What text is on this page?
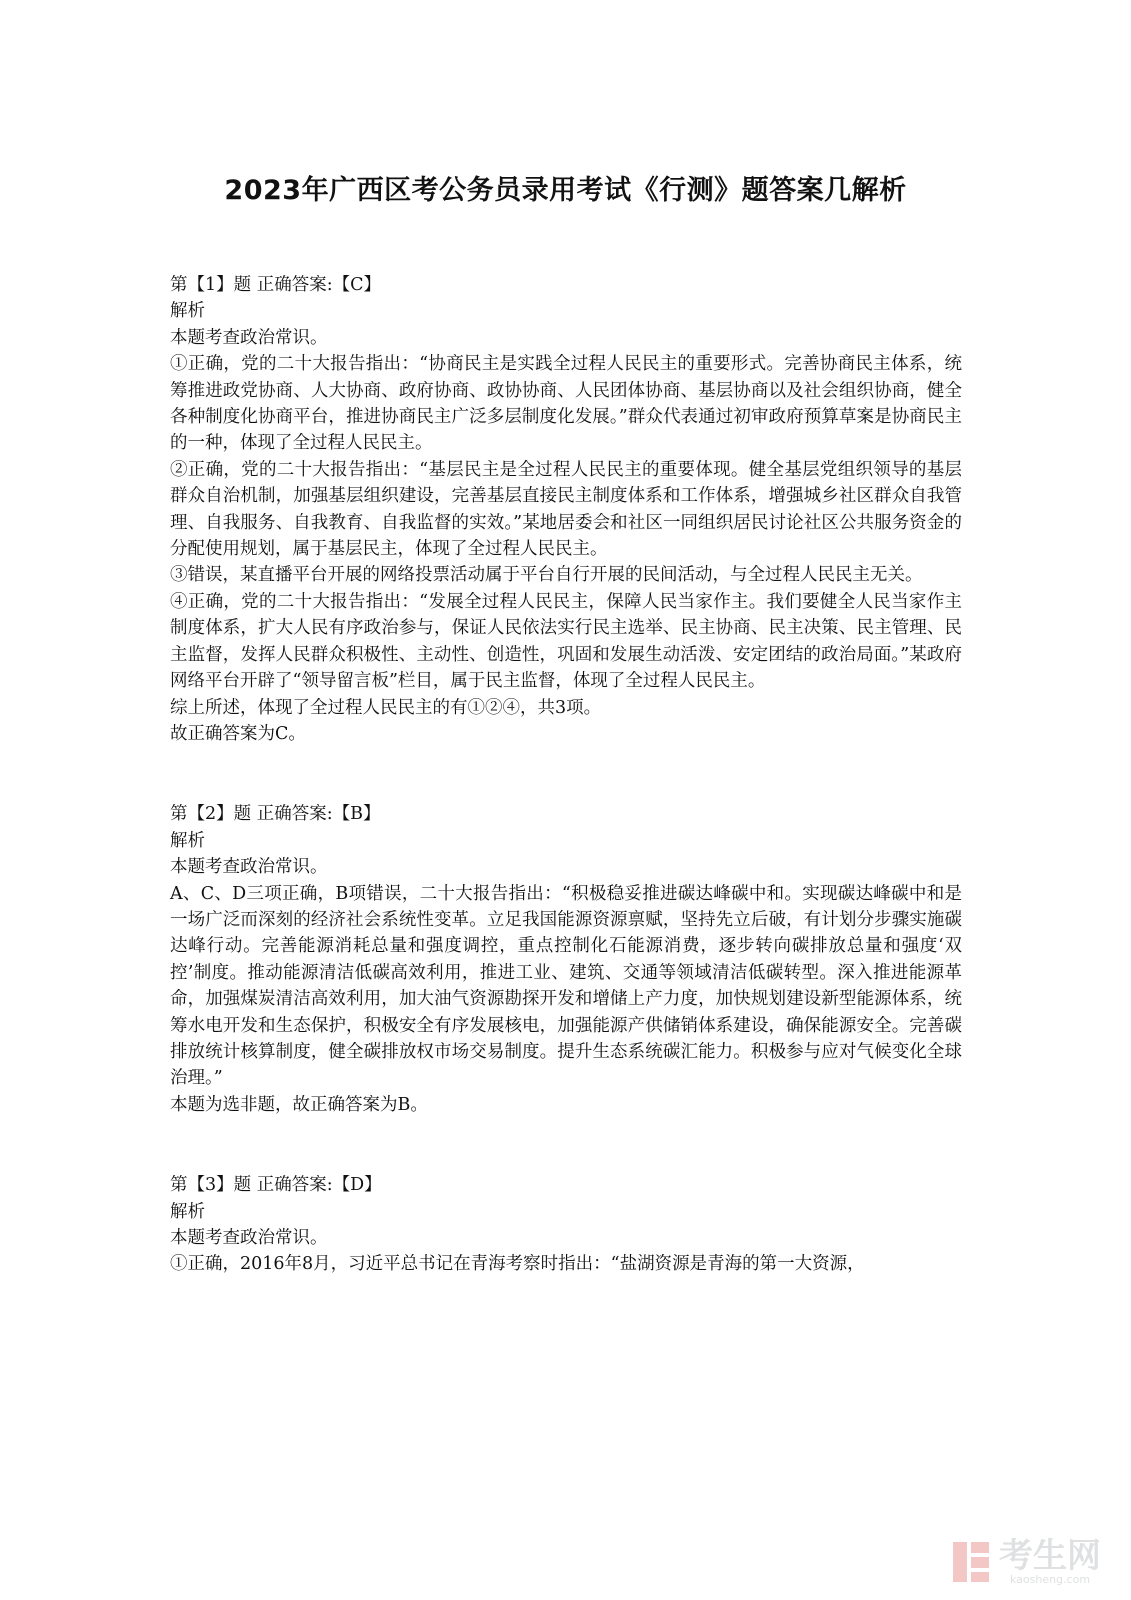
2023年广西区考公务员录用考试《行测》题答案几解析

第【1】题 正确答案:【C】

解析

本题考查政治常识。

①正确，党的二十大报告指出：“协商民主是实践全过程人民民主的重要形式。完善协商民主体系，统筹推进政党协商、人大协商、政府协商、政协协商、人民团体协商、基层协商以及社会组织协商，健全各种制度化协商平台，推进协商民主广泛多层制度化发展。”群众代表通过初审政府预算草案是协商民主的一种，体现了全过程人民民主。

②正确，党的二十大报告指出：“基层民主是全过程人民民主的重要体现。健全基层党组织领导的基层群众自治机制，加强基层组织建设，完善基层直接民主制度体系和工作体系，增强城乡社区群众自我管理、自我服务、自我教育、自我监督的实效。”某地居委会和社区一同组织居民讨论社区公共服务资金的分配使用规划，属于基层民主，体现了全过程人民民主。

③错误，某直播平台开展的网络投票活动属于平台自行开展的民间活动，与全过程人民民主无关。

④正确，党的二十大报告指出：“发展全过程人民民主，保障人民当家作主。我们要健全人民当家作主制度体系，扩大人民有序政治参与，保证人民依法实行民主选举、民主协商、民主决策、民主管理、民主监督，发挥人民群众积极性、主动性、创造性，巩固和发展生动活泼、安定团结的政治局面。”某政府网络平台开辟了“领导留言板”栏目，属于民主监督，体现了全过程人民民主。

综上所述，体现了全过程人民民主的有①②④，共3项。

故正确答案为C。

第【2】题 正确答案:【B】

解析

本题考查政治常识。

A、C、D三项正确，B项错误，二十大报告指出：“积极稳妥推进碳达峰碳中和。实现碳达峰碳中和是一场广泛而深刻的经济社会系统性变革。立足我国能源资源禀赋，坚持先立后破，有计划分步骤实施碳达峰行动。完善能源消耗总量和强度调控，重点控制化石能源消费，逐步转向碳排放总量和强度‘双控’制度。推动能源清洁低碳高效利用，推进工业、建筑、交通等领域清洁低碳转型。深入推进能源革命，加强煤炭清洁高效利用，加大油气资源勘探开发和增储上产力度，加快规划建设新型能源体系，统筹水电开发和生态保护，积极安全有序发展核电，加强能源产供储销体系建设，确保能源安全。完善碳排放统计核算制度，健全碳排放权市场交易制度。提升生态系统碳汇能力。积极参与应对气候变化全球治理。”

本题为选非题，故正确答案为B。

第【3】题 正确答案:【D】

解析

本题考查政治常识。

①正确，2016年8月，习近平总书记在青海考察时指出：“盐湖资源是青海的第一大资源，

考生网
kaosheng.com
